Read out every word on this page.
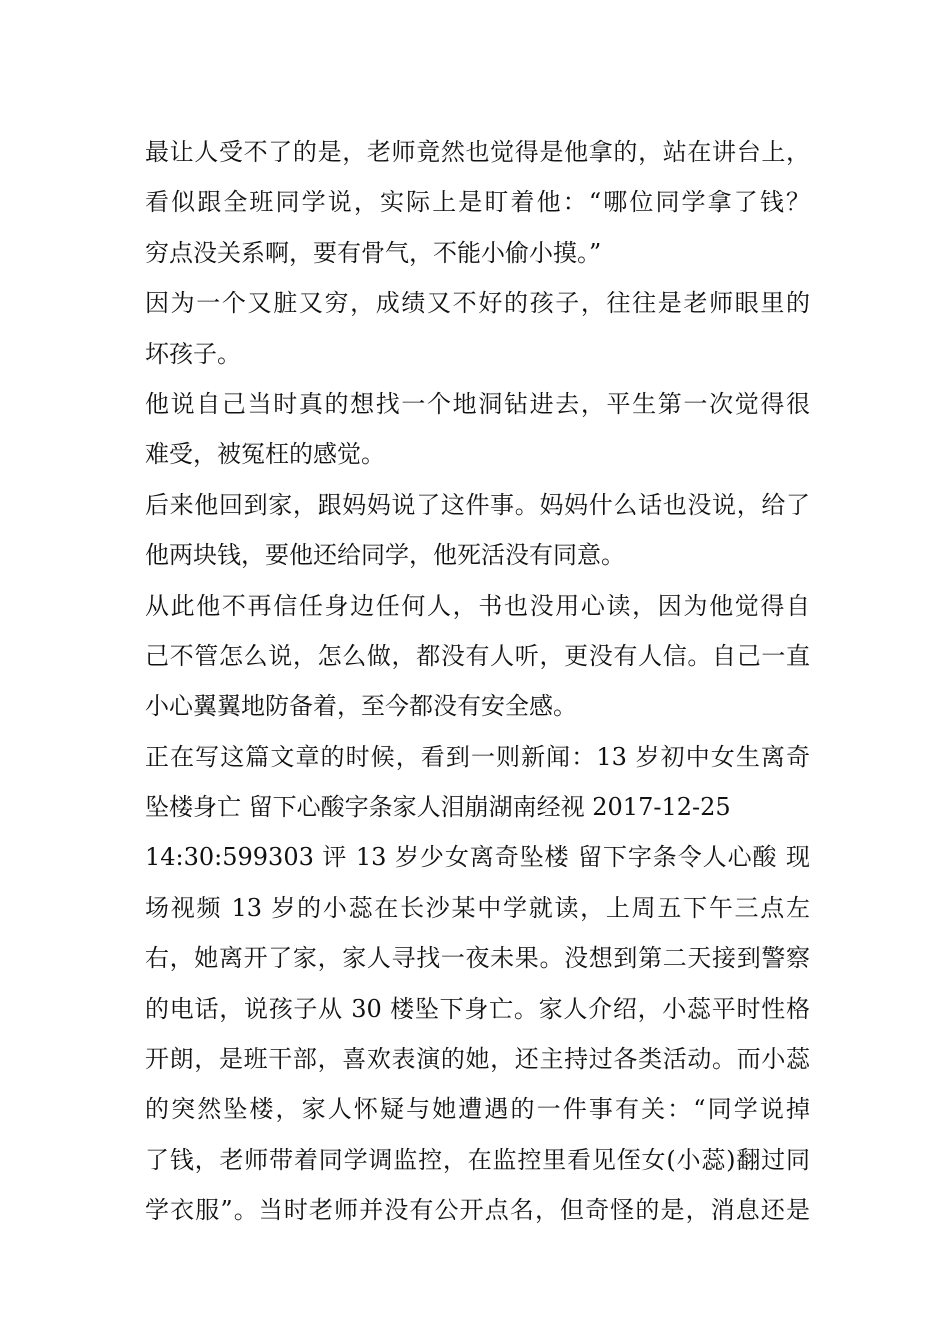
最让人受不了的是，老师竟然也觉得是他拿的，站在讲台上，
看似跟全班同学说，实际上是盯着他：“哪位同学拿了钱？
穷点没关系啊，要有骨气，不能小偷小摸。”
因为一个又脏又穷，成绩又不好的孩子，往往是老师眼里的
坏孩子。
他说自己当时真的想找一个地洞钻进去，平生第一次觉得很
难受，被冤枉的感觉。
后来他回到家，跟妈妈说了这件事。妈妈什么话也没说，给了
他两块钱，要他还给同学，他死活没有同意。
从此他不再信任身边任何人，书也没用心读，因为他觉得自
己不管怎么说，怎么做，都没有人听，更没有人信。自己一直
小心翼翼地防备着，至今都没有安全感。
正在写这篇文章的时候，看到一则新闻：13 岁初中女生离奇
坠楼身亡 留下心酸字条家人泪崩湖南经视 2017-12-25
14:30:599303 评 13 岁少女离奇坠楼 留下字条令人心酸 现
场视频 13 岁的小蕊在长沙某中学就读，上周五下午三点左
右，她离开了家，家人寻找一夜未果。没想到第二天接到警察
的电话，说孩子从 30 楼坠下身亡。家人介绍，小蕊平时性格
开朗，是班干部，喜欢表演的她，还主持过各类活动。而小蕊
的突然坠楼，家人怀疑与她遭遇的一件事有关：“同学说掉
了钱，老师带着同学调监控，在监控里看见侄女(小蕊)翻过同
学衣服”。当时老师并没有公开点名，但奇怪的是，消息还是
